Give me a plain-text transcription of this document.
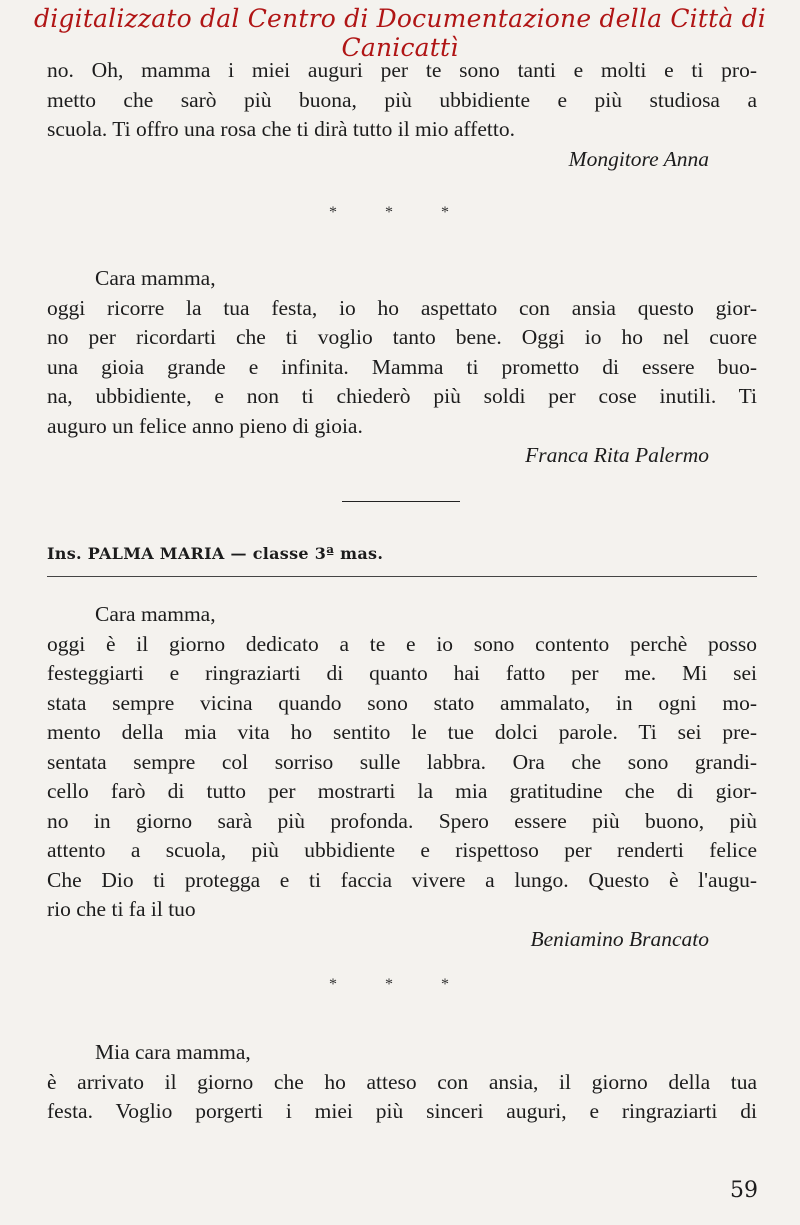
digitalizzato dal Centro di Documentazione della Città di Canicattì
no. Oh, mamma i miei auguri per te sono tanti e molti e ti pro-
metto che sarò più buona, più ubbidiente e più studiosa a
scuola. Ti offro una rosa che ti dirà tutto il mio affetto.
Mongitore Anna
* * *
Cara mamma,
oggi ricorre la tua festa, io ho aspettato con ansia questo gior-
no per ricordarti che ti voglio tanto bene. Oggi io ho nel cuore
una gioia grande e infinita. Mamma ti prometto di essere buo-
na, ubbidiente, e non ti chiederò più soldi per cose inutili. Ti
auguro un felice anno pieno di gioia.
Franca Rita Palermo
Ins. PALMA MARIA — classe 3ª mas.
Cara mamma,
oggi è il giorno dedicato a te e io sono contento perchè posso
festeggiarti e ringraziarti di quanto hai fatto per me. Mi sei
stata sempre vicina quando sono stato ammalato, in ogni mo-
mento della mia vita ho sentito le tue dolci parole. Ti sei pre-
sentata sempre col sorriso sulle labbra. Ora che sono grandi-
cello farò di tutto per mostrarti la mia gratitudine che di gior-
no in giorno sarà più profonda. Spero essere più buono, più
attento a scuola, più ubbidiente e rispettoso per renderti felice
Che Dio ti protegga e ti faccia vivere a lungo. Questo è l'augu-
rio che ti fa il tuo
Beniamino Brancato
* * *
Mia cara mamma,
è arrivato il giorno che ho atteso con ansia, il giorno della tua
festa. Voglio porgerti i miei più sinceri auguri, e ringraziarti di
59
